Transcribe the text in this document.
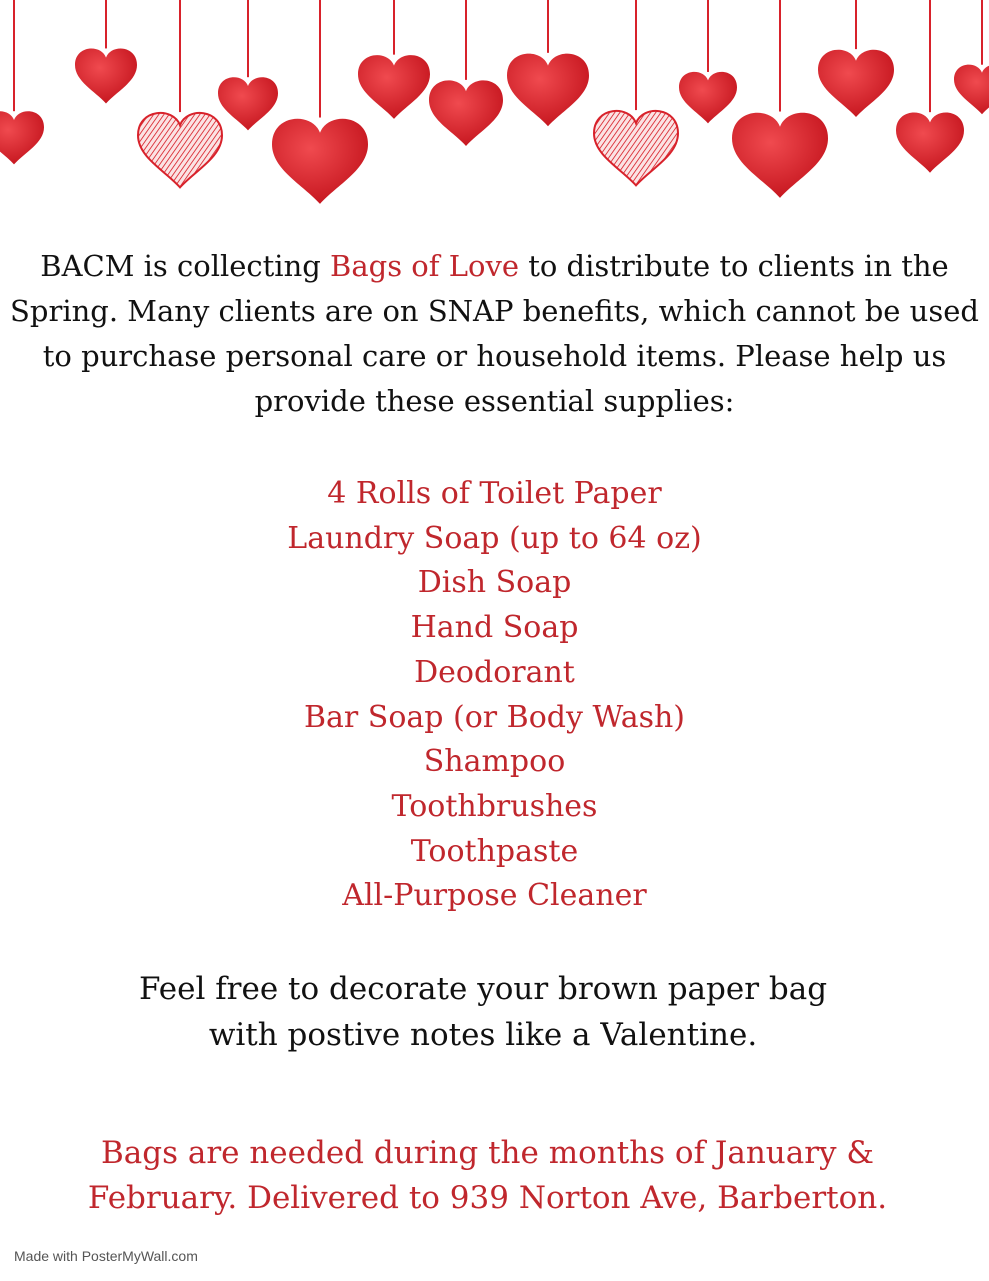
BACM is collecting Bags of Love to distribute to clients in the Spring. Many clients are on SNAP benefits, which cannot be used to purchase personal care or household items. Please help us provide these essential supplies:

4 Rolls of Toilet Paper
Laundry Soap (up to 64 oz)
Dish Soap
Hand Soap
Deodorant
Bar Soap (or Body Wash)
Shampoo
Toothbrushes
Toothpaste
All-Purpose Cleaner

Feel free to decorate your brown paper bag
with postive notes like a Valentine.

Bags are needed during the months of January &
February. Delivered to 939 Norton Ave, Barberton.

Made with PosterMyWall.com
